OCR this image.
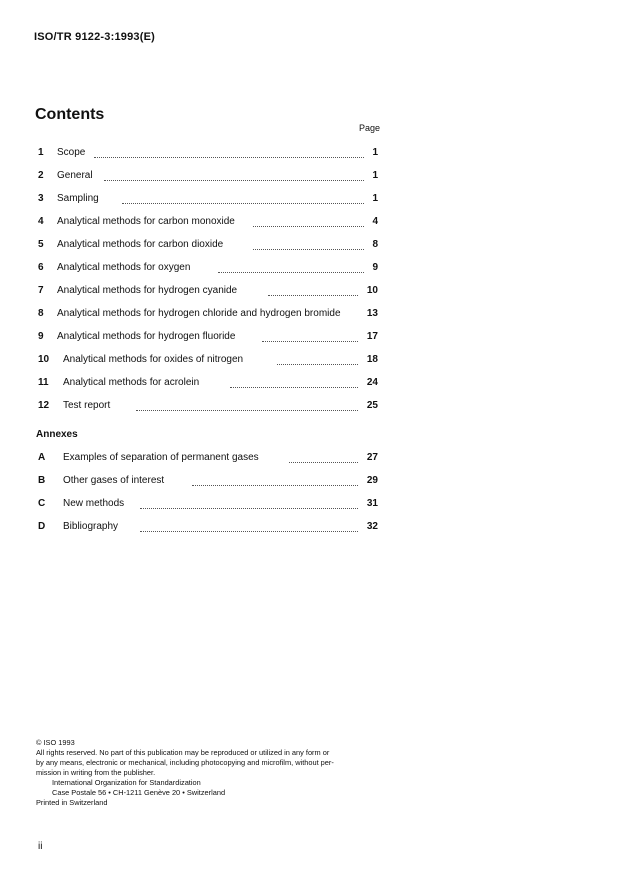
ISO/TR 9122-3:1993(E)
Contents
Page
1 Scope	1
2 General	1
3 Sampling	1
4 Analytical methods for carbon monoxide	4
5 Analytical methods for carbon dioxide	8
6 Analytical methods for oxygen	9
7 Analytical methods for hydrogen cyanide	10
8 Analytical methods for hydrogen chloride and hydrogen bromide	13
9 Analytical methods for hydrogen fluoride	17
10 Analytical methods for oxides of nitrogen	18
11 Analytical methods for acrolein	24
12 Test report	25
Annexes
A Examples of separation of permanent gases	27
B Other gases of interest	29
C New methods	31
D Bibliography	32
© ISO 1993
All rights reserved. No part of this publication may be reproduced or utilized in any form or
by any means, electronic or mechanical, including photocopying and microfilm, without per-
mission in writing from the publisher.
International Organization for Standardization
Case Postale 56 • CH-1211 Genève 20 • Switzerland
Printed in Switzerland
ii
